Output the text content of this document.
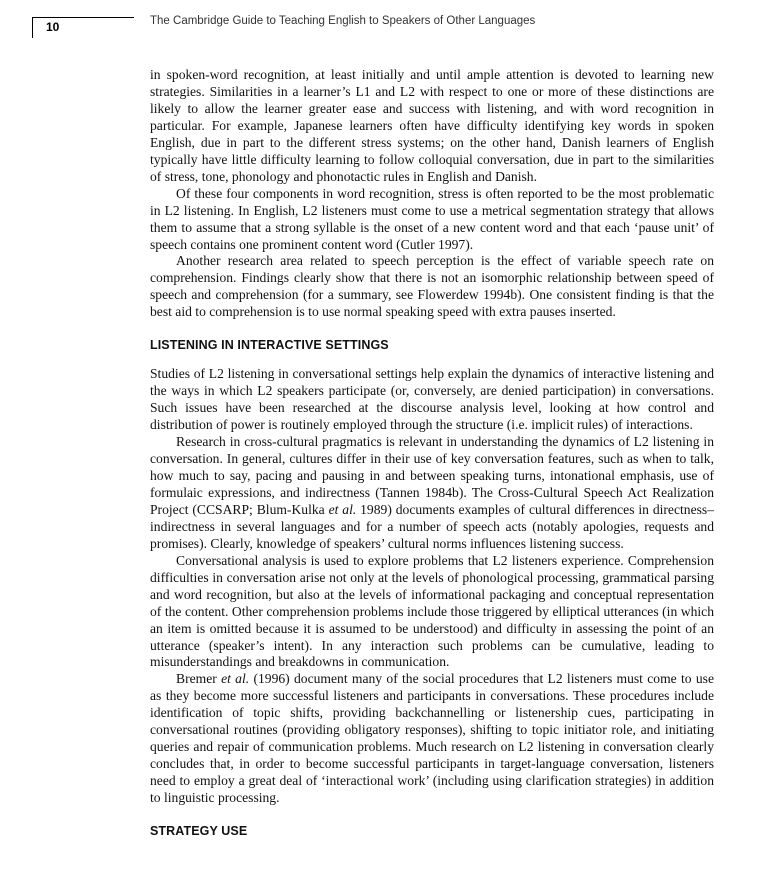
10	The Cambridge Guide to Teaching English to Speakers of Other Languages

in spoken-word recognition, at least initially and until ample attention is devoted to learning new strategies. Similarities in a learner’s L1 and L2 with respect to one or more of these distinctions are likely to allow the learner greater ease and success with listening, and with word recognition in particular. For example, Japanese learners often have difficulty identifying key words in spoken English, due in part to the different stress systems; on the other hand, Danish learners of English typically have little difficulty learning to follow colloquial conversation, due in part to the similarities of stress, tone, phonology and phonotactic rules in English and Danish.

Of these four components in word recognition, stress is often reported to be the most problematic in L2 listening. In English, L2 listeners must come to use a metrical segmentation strategy that allows them to assume that a strong syllable is the onset of a new content word and that each ‘pause unit’ of speech contains one prominent content word (Cutler 1997).

Another research area related to speech perception is the effect of variable speech rate on comprehension. Findings clearly show that there is not an isomorphic relationship between speed of speech and comprehension (for a summary, see Flowerdew 1994b). One consistent finding is that the best aid to comprehension is to use normal speaking speed with extra pauses inserted.

LISTENING IN INTERACTIVE SETTINGS

Studies of L2 listening in conversational settings help explain the dynamics of interactive listening and the ways in which L2 speakers participate (or, conversely, are denied participation) in conversations. Such issues have been researched at the discourse analysis level, looking at how control and distribution of power is routinely employed through the structure (i.e. implicit rules) of interactions.

Research in cross-cultural pragmatics is relevant in understanding the dynamics of L2 listening in conversation. In general, cultures differ in their use of key conversation features, such as when to talk, how much to say, pacing and pausing in and between speaking turns, intonational emphasis, use of formulaic expressions, and indirectness (Tannen 1984b). The Cross-Cultural Speech Act Realization Project (CCSARP; Blum-Kulka et al. 1989) documents examples of cultural differences in directness–indirectness in several languages and for a number of speech acts (notably apologies, requests and promises). Clearly, knowledge of speakers’ cultural norms influences listening success.

Conversational analysis is used to explore problems that L2 listeners experience. Comprehension difficulties in conversation arise not only at the levels of phonological processing, grammatical parsing and word recognition, but also at the levels of informational packaging and conceptual representation of the content. Other comprehension problems include those triggered by elliptical utterances (in which an item is omitted because it is assumed to be understood) and difficulty in assessing the point of an utterance (speaker’s intent). In any interaction such problems can be cumulative, leading to misunderstandings and breakdowns in communication.

Bremer et al. (1996) document many of the social procedures that L2 listeners must come to use as they become more successful listeners and participants in conversations. These procedures include identification of topic shifts, providing backchannelling or listenership cues, participating in conversational routines (providing obligatory responses), shifting to topic initiator role, and initiating queries and repair of communication problems. Much research on L2 listening in conversation clearly concludes that, in order to become successful participants in target-language conversation, listeners need to employ a great deal of ‘interactional work’ (including using clarification strategies) in addition to linguistic processing.

STRATEGY USE
